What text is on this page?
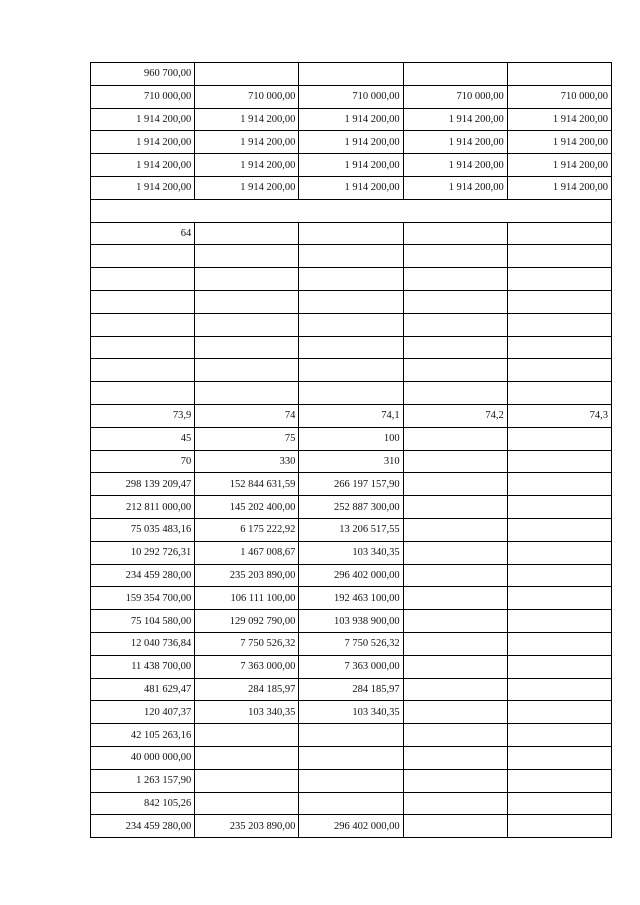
960 700,00				
710 000,00	710 000,00	710 000,00	710 000,00	710 000,00
1 914 200,00	1 914 200,00	1 914 200,00	1 914 200,00	1 914 200,00
1 914 200,00	1 914 200,00	1 914 200,00	1 914 200,00	1 914 200,00
1 914 200,00	1 914 200,00	1 914 200,00	1 914 200,00	1 914 200,00
1 914 200,00	1 914 200,00	1 914 200,00	1 914 200,00	1 914 200,00

64				

73,9	74	74,1	74,2	74,3
45	75	100		
70	330	310		
298 139 209,47	152 844 631,59	266 197 157,90		
212 811 000,00	145 202 400,00	252 887 300,00		
75 035 483,16	6 175 222,92	13 206 517,55		
10 292 726,31	1 467 008,67	103 340,35		
234 459 280,00	235 203 890,00	296 402 000,00		
159 354 700,00	106 111 100,00	192 463 100,00		
75 104 580,00	129 092 790,00	103 938 900,00		
12 040 736,84	7 750 526,32	7 750 526,32		
11 438 700,00	7 363 000,00	7 363 000,00		
481 629,47	284 185,97	284 185,97		
120 407,37	103 340,35	103 340,35		
42 105 263,16				
40 000 000,00				
1 263 157,90				
842 105,26				
234 459 280,00	235 203 890,00	296 402 000,00		
